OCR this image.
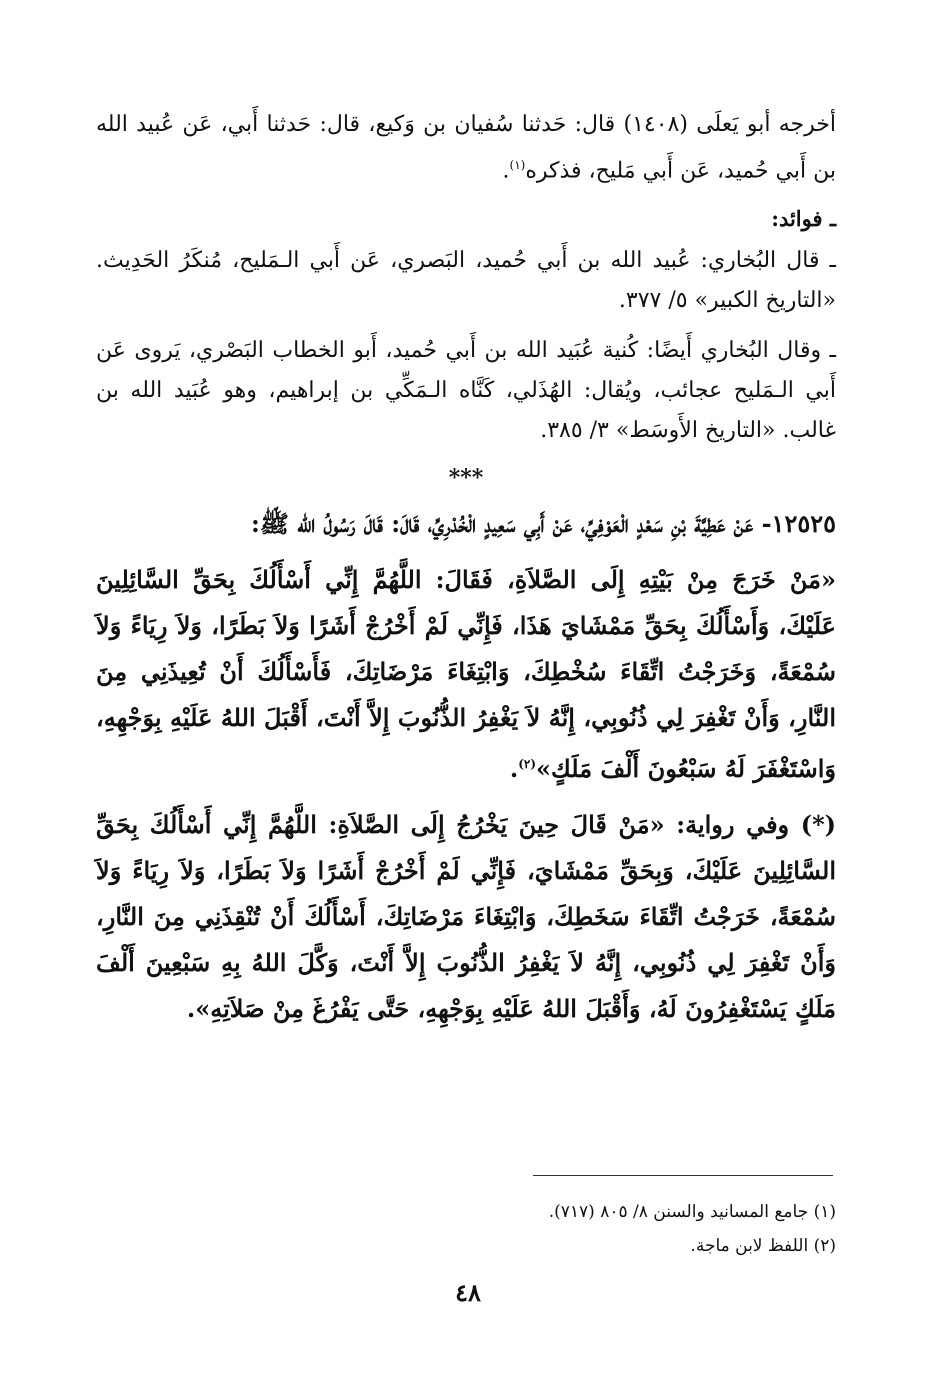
أخرجه أبو يَعلَى (١٤٠٨) قال: حَدثنا سُفيان بن وَكيع، قال: حَدثنا أَبي، عَن عُبيد الله بن أَبي حُميد، عَن أَبي مَليح، فذكره$^{(١)}$.

ـ فوائد:

ـ قال البُخاري: عُبيد الله بن أَبي حُميد، البَصري، عَن أَبي الـمَليح، مُنكَرُ الحَدِيث. «التاريخ الكبير» ٥/ ٣٧٧.

ـ وقال البُخاري أَيضًا: كُنية عُبَيد الله بن أَبي حُميد، أَبو الخطاب البَصْري، يَروى عَن أَبي الـمَليح عجائب، ويُقال: الهُذَلي، كَنَّاه الـمَكِّي بن إبراهيم، وهو عُبَيد الله بن غالب. «التاريخ الأَوسَط» ٣/ ٣٨٥.

***

١٢٥٢٥- عَنْ عَطِيَّةَ بْنِ سَعْدٍ الْعَوْفِيِّ، عَنْ أَبِي سَعِيدٍ الْخُدْرِيِّ، قَالَ: قَالَ رَسُولُ الله ﷺ:

«مَنْ خَرَجَ مِنْ بَيْتِهِ إِلَى الصَّلاَةِ، فَقَالَ: اللَّهُمَّ إِنِّي أَسْأَلُكَ بِحَقِّ السَّائِلِينَ عَلَيْكَ، وَأَسْأَلُكَ بِحَقِّ مَمْشَايَ هَذَا، فَإِنِّي لَمْ أَخْرُجْ أَشَرًا وَلاَ بَطَرًا، وَلاَ رِيَاءً وَلاَ سُمْعَةً، وَخَرَجْتُ اتِّقَاءَ سُخْطِكَ، وَابْتِغَاءَ مَرْضَاتِكَ، فَأَسْأَلُكَ أَنْ تُعِيذَنِي مِنَ النَّارِ، وَأَنْ تَغْفِرَ لِي ذُنُوبِي، إِنَّهُ لاَ يَغْفِرُ الذُّنُوبَ إِلاَّ أَنْتَ، أَقْبَلَ اللهُ عَلَيْهِ بِوَجْهِهِ، وَاسْتَغْفَرَ لَهُ سَبْعُونَ أَلْفَ مَلَكٍ»$^{(٢)}$.

(*) وفي رواية: «مَنْ قَالَ حِينَ يَخْرُجُ إِلَى الصَّلاَةِ: اللَّهُمَّ إِنِّي أَسْأَلُكَ بِحَقِّ السَّائِلِينَ عَلَيْكَ، وَبِحَقِّ مَمْشَايَ، فَإِنِّي لَمْ أَخْرُجْ أَشَرًا وَلاَ بَطَرًا، وَلاَ رِيَاءً وَلاَ سُمْعَةً، خَرَجْتُ اتِّقَاءَ سَخَطِكَ، وَابْتِغَاءَ مَرْضَاتِكَ، أَسْأَلُكَ أَنْ تُنْقِذَنِي مِنَ النَّارِ، وَأَنْ تَغْفِرَ لِي ذُنُوبِي، إِنَّهُ لاَ يَغْفِرُ الذُّنُوبَ إِلاَّ أَنْتَ، وَكَّلَ اللهُ بِهِ سَبْعِينَ أَلْفَ مَلَكٍ يَسْتَغْفِرُونَ لَهُ، وَأَقْبَلَ اللهُ عَلَيْهِ بِوَجْهِهِ، حَتَّى يَفْرُغَ مِنْ صَلاَتِهِ».

(١) جامع المسانيد والسنن ٨/ ٨٠٥ (٧١٧).
(٢) اللفظ لابن ماجة.
٤٨
